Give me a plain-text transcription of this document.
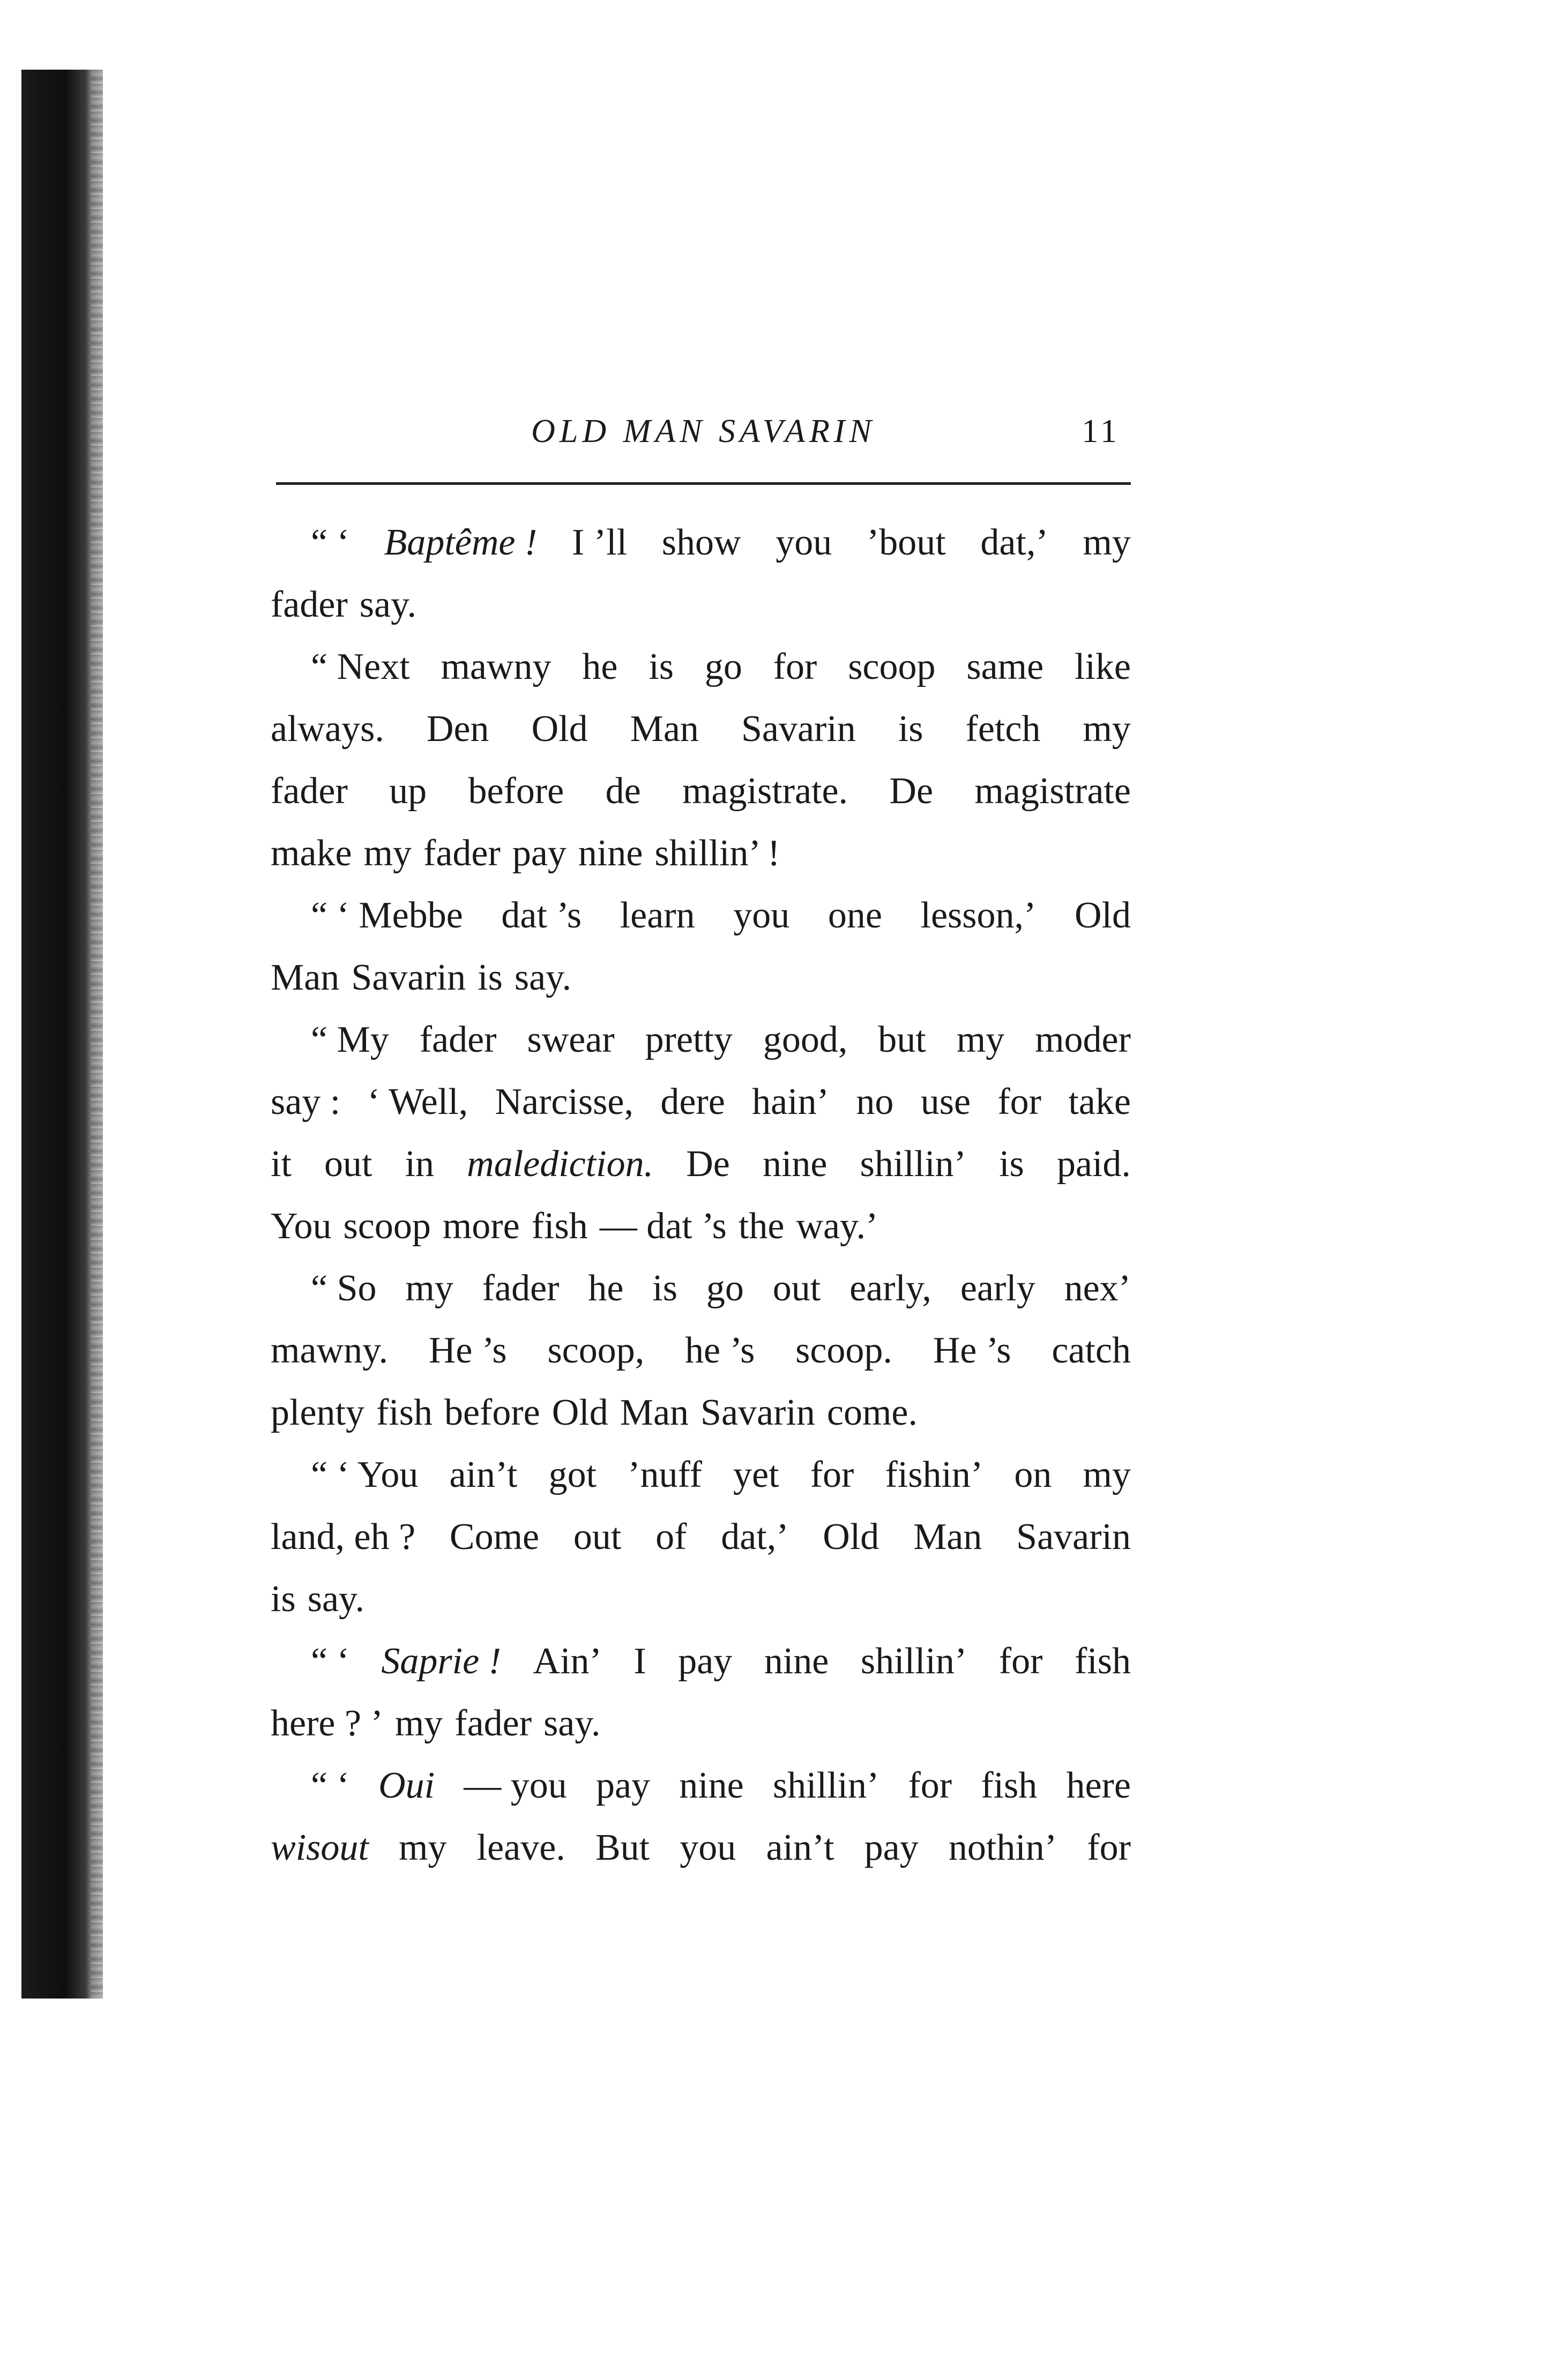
OLD MAN SAVARIN	11
“ ‘ Baptême ! I ’ll show you ’bout dat,’ my
fader say.
“ Next mawny he is go for scoop same like
always. Den Old Man Savarin is fetch my
fader up before de magistrate. De magistrate
make my fader pay nine shillin’ !
“ ‘ Mebbe dat ’s learn you one lesson,’ Old
Man Savarin is say.
“ My fader swear pretty good, but my moder
say : ‘ Well, Narcisse, dere hain’ no use for take
it out in malediction. De nine shillin’ is paid.
You scoop more fish — dat ’s the way.’
“ So my fader he is go out early, early nex’
mawny. He ’s scoop, he ’s scoop. He ’s catch
plenty fish before Old Man Savarin come.
“ ‘ You ain’t got ’nuff yet for fishin’ on my
land, eh ? Come out of dat,’ Old Man Savarin
is say.
“ ‘ Saprie ! Ain’ I pay nine shillin’ for fish
here ? ’ my fader say.
“ ‘ Oui — you pay nine shillin’ for fish here
wisout my leave. But you ain’t pay nothin’ for
